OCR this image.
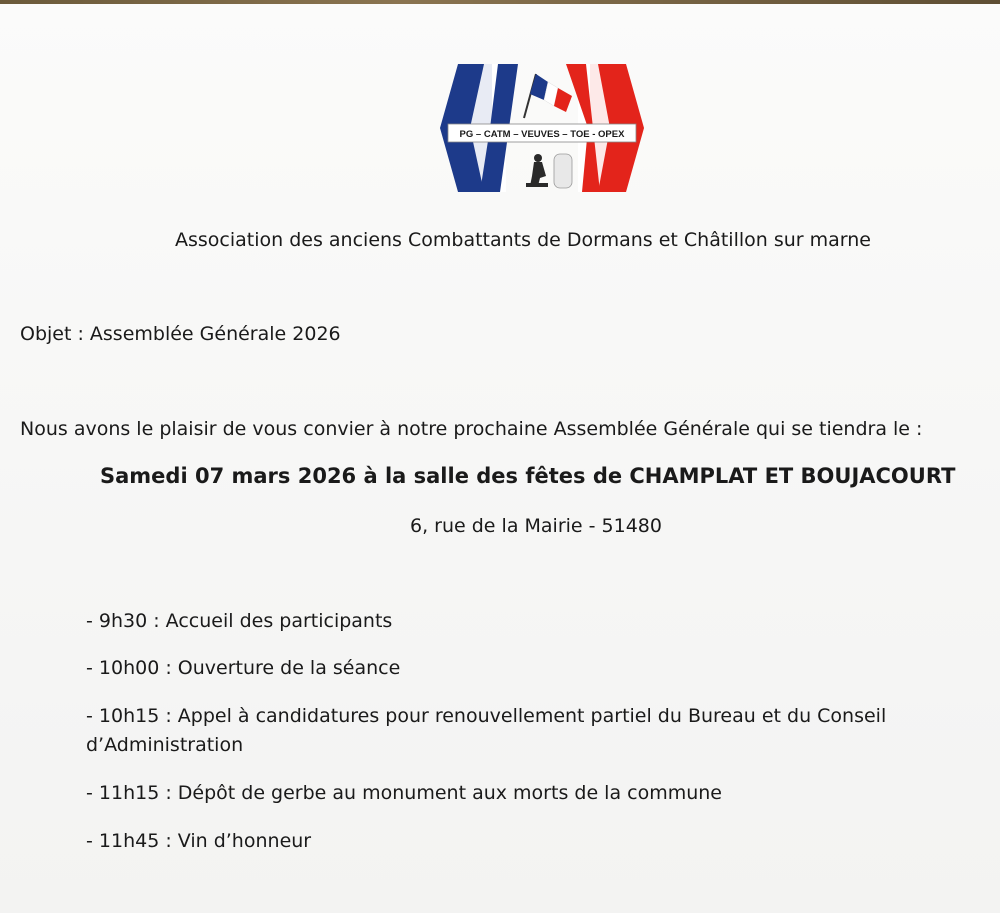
PG – CATM – VEUVES – TOE - OPEX
Association des anciens Combattants de Dormans et Châtillon sur marne
Objet : Assemblée Générale 2026
Nous avons le plaisir de vous convier à notre prochaine Assemblée Générale qui se tiendra le :
Samedi 07 mars 2026 à la salle des fêtes de CHAMPLAT ET BOUJACOURT
6, rue de la Mairie - 51480
- 9h30 : Accueil des participants
- 10h00 : Ouverture de la séance
- 10h15 : Appel à candidatures pour renouvellement partiel du Bureau et du Conseil d’Administration
- 11h15 : Dépôt de gerbe au monument aux morts de la commune
- 11h45 : Vin d’honneur
